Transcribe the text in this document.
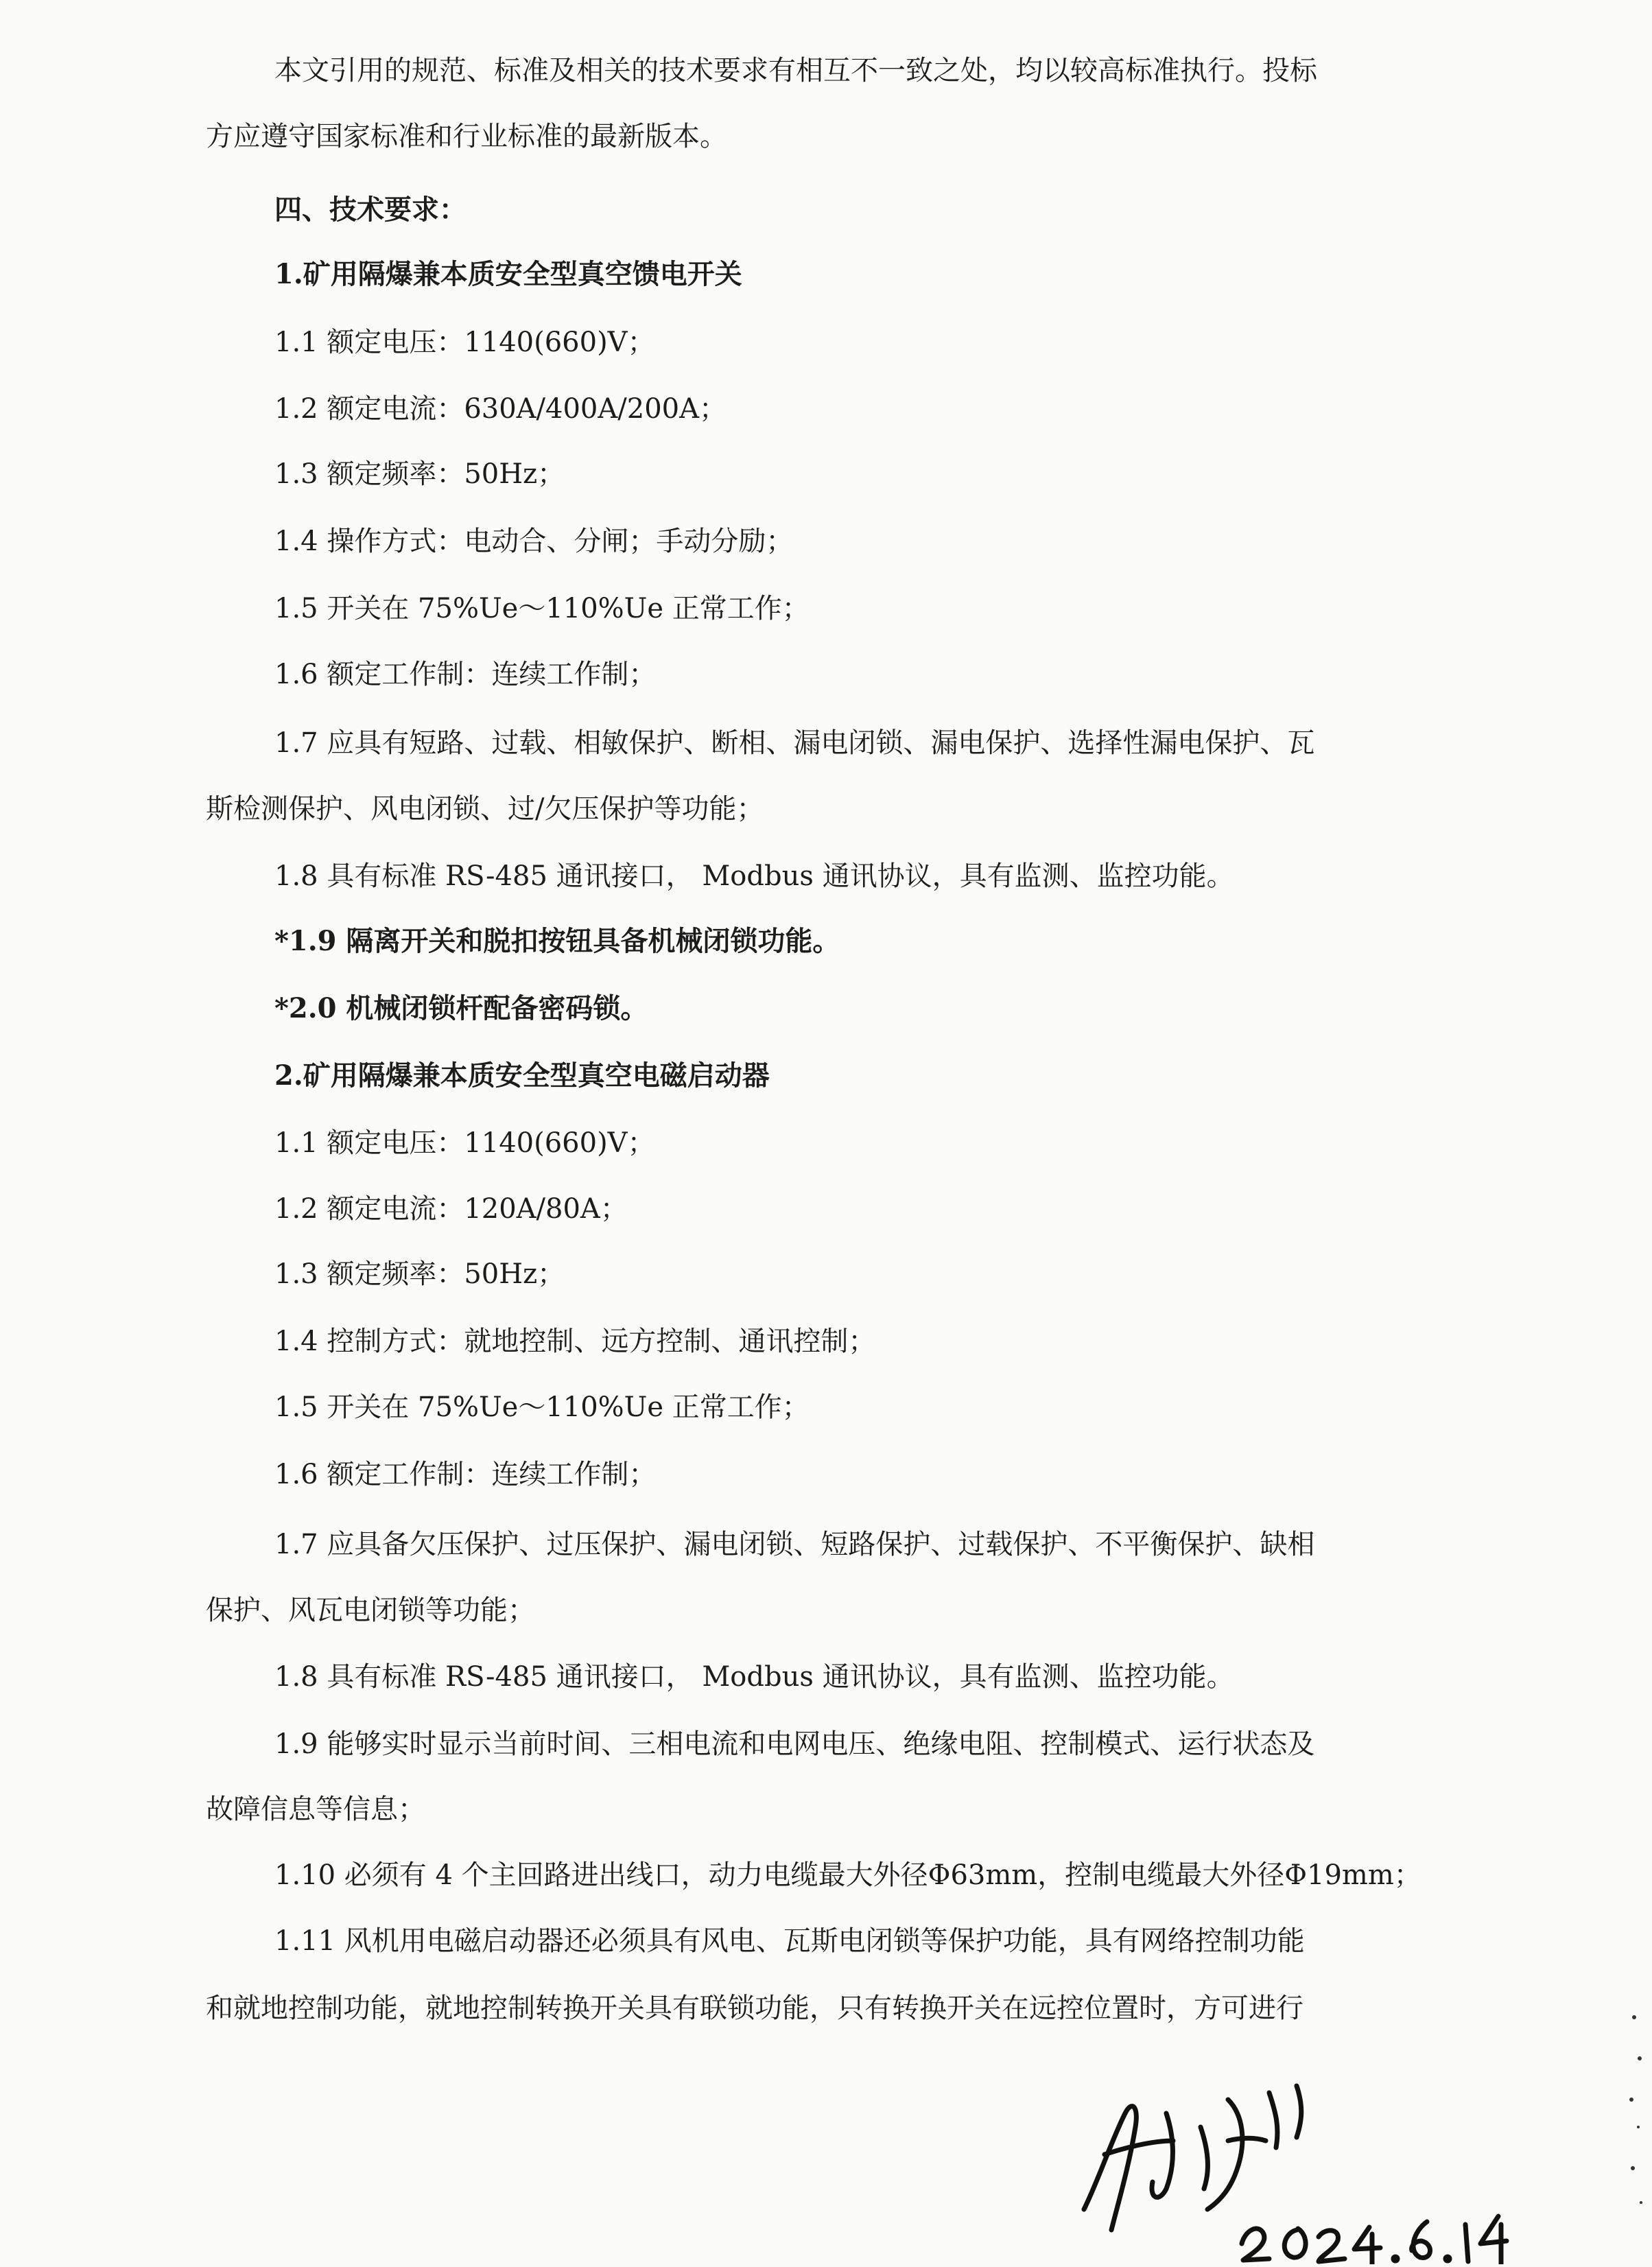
本文引用的规范、标准及相关的技术要求有相互不一致之处，均以较高标准执行。投标
方应遵守国家标准和行业标准的最新版本。
四、技术要求：
1.矿用隔爆兼本质安全型真空馈电开关
1.1 额定电压：1140(660)V；
1.2 额定电流：630A/400A/200A；
1.3 额定频率：50Hz；
1.4 操作方式：电动合、分闸；手动分励；
1.5 开关在 75%Ue～110%Ue 正常工作；
1.6 额定工作制：连续工作制；
1.7 应具有短路、过载、相敏保护、断相、漏电闭锁、漏电保护、选择性漏电保护、瓦
斯检测保护、风电闭锁、过/欠压保护等功能；
1.8 具有标准 RS-485 通讯接口， Modbus 通讯协议，具有监测、监控功能。
*1.9 隔离开关和脱扣按钮具备机械闭锁功能。
*2.0 机械闭锁杆配备密码锁。
2.矿用隔爆兼本质安全型真空电磁启动器
1.1 额定电压：1140(660)V；
1.2 额定电流：120A/80A；
1.3 额定频率：50Hz；
1.4 控制方式：就地控制、远方控制、通讯控制；
1.5 开关在 75%Ue～110%Ue 正常工作；
1.6 额定工作制：连续工作制；
1.7 应具备欠压保护、过压保护、漏电闭锁、短路保护、过载保护、不平衡保护、缺相
保护、风瓦电闭锁等功能；
1.8 具有标准 RS-485 通讯接口， Modbus 通讯协议，具有监测、监控功能。
1.9 能够实时显示当前时间、三相电流和电网电压、绝缘电阻、控制模式、运行状态及
故障信息等信息；
1.10 必须有 4 个主回路进出线口，动力电缆最大外径Φ63mm，控制电缆最大外径Φ19mm；
1.11 风机用电磁启动器还必须具有风电、瓦斯电闭锁等保护功能，具有网络控制功能
和就地控制功能，就地控制转换开关具有联锁功能，只有转换开关在远控位置时，方可进行
